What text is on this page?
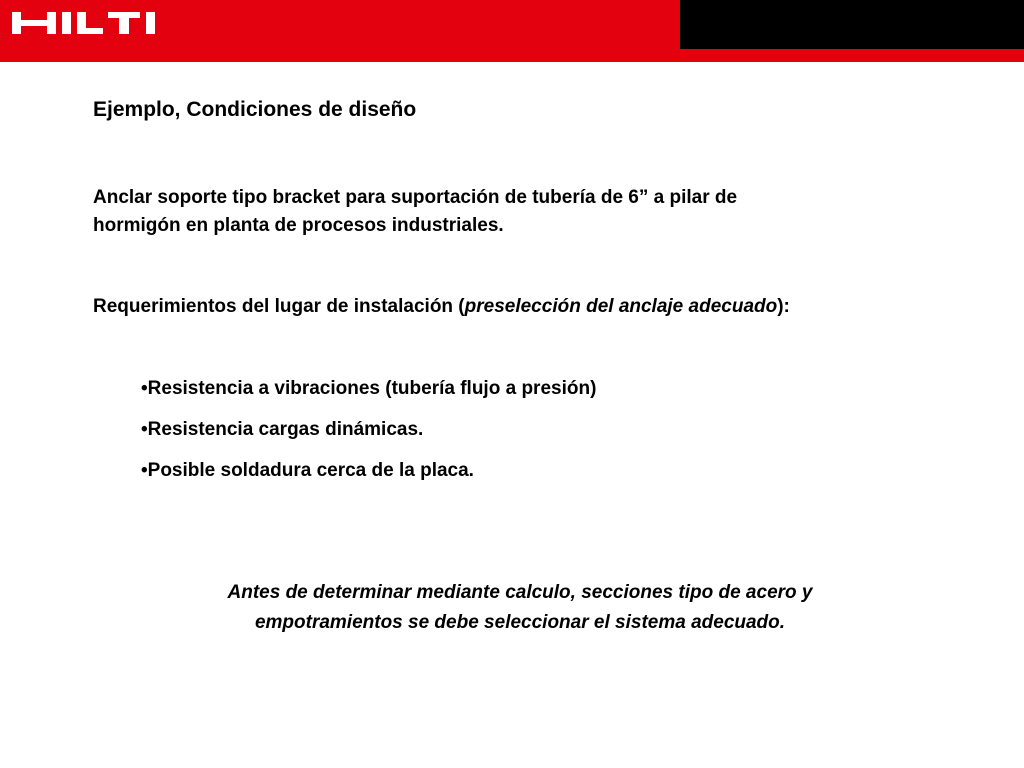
Ejemplo, Condiciones de diseño

Anclar soporte tipo bracket para suportación de tubería de 6” a pilar de
hormigón en planta de procesos industriales.

Requerimientos del lugar de instalación (preselección del anclaje adecuado):

•Resistencia a vibraciones (tubería flujo a presión)
•Resistencia cargas dinámicas.
•Posible soldadura cerca de la placa.

Antes de determinar mediante calculo, secciones tipo de acero y
empotramientos se debe seleccionar el sistema adecuado.
